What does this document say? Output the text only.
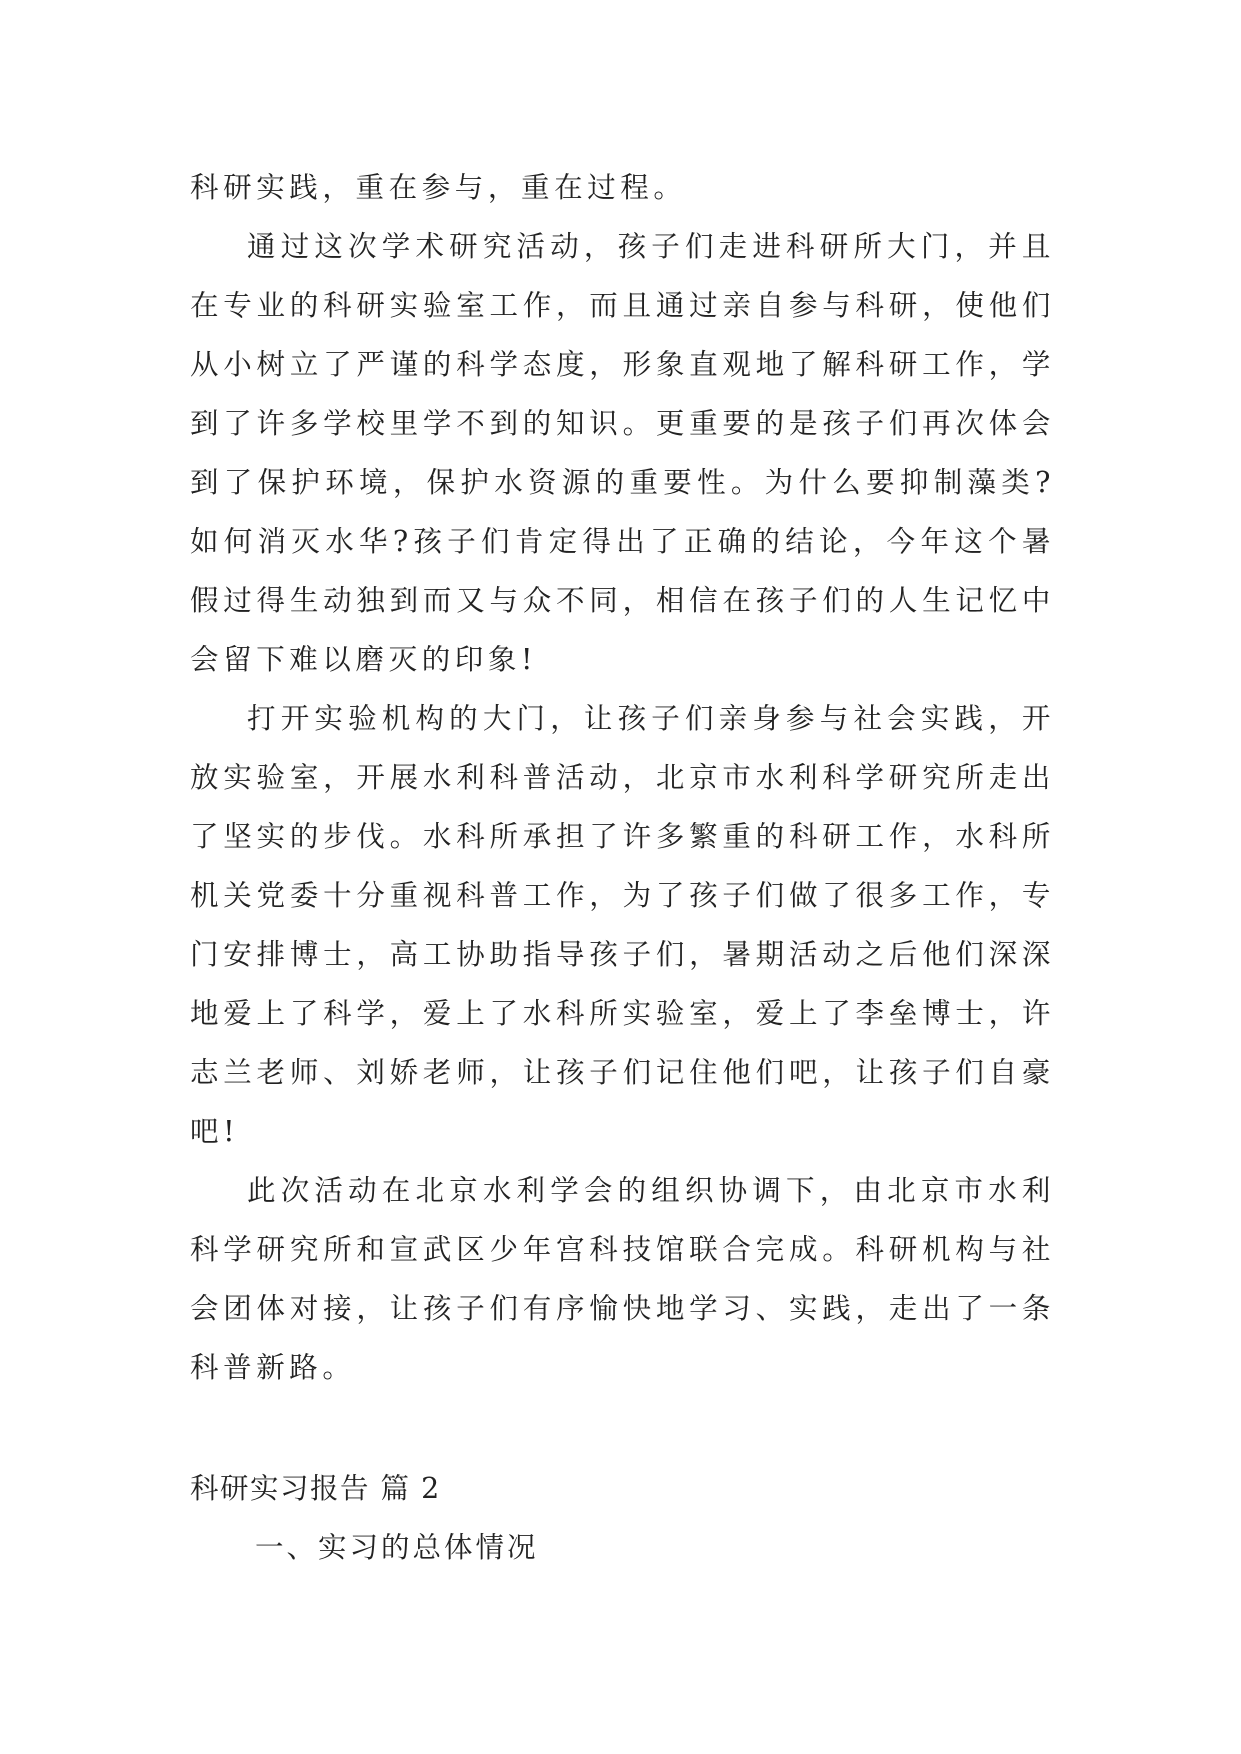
科研实践，重在参与，重在过程。

通过这次学术研究活动，孩子们走进科研所大门，并且在专业的科研实验室工作，而且通过亲自参与科研，使他们从小树立了严谨的科学态度，形象直观地了解科研工作，学到了许多学校里学不到的知识。更重要的是孩子们再次体会到了保护环境，保护水资源的重要性。为什么要抑制藻类?如何消灭水华?孩子们肯定得出了正确的结论，今年这个暑假过得生动独到而又与众不同，相信在孩子们的人生记忆中会留下难以磨灭的印象!

打开实验机构的大门，让孩子们亲身参与社会实践，开放实验室，开展水利科普活动，北京市水利科学研究所走出了坚实的步伐。水科所承担了许多繁重的科研工作，水科所机关党委十分重视科普工作，为了孩子们做了很多工作，专门安排博士，高工协助指导孩子们，暑期活动之后他们深深地爱上了科学，爱上了水科所实验室，爱上了李垒博士，许志兰老师、刘娇老师，让孩子们记住他们吧，让孩子们自豪吧!

此次活动在北京水利学会的组织协调下，由北京市水利科学研究所和宣武区少年宫科技馆联合完成。科研机构与社会团体对接，让孩子们有序愉快地学习、实践，走出了一条科普新路。

科研实习报告 篇 2

一、实习的总体情况
